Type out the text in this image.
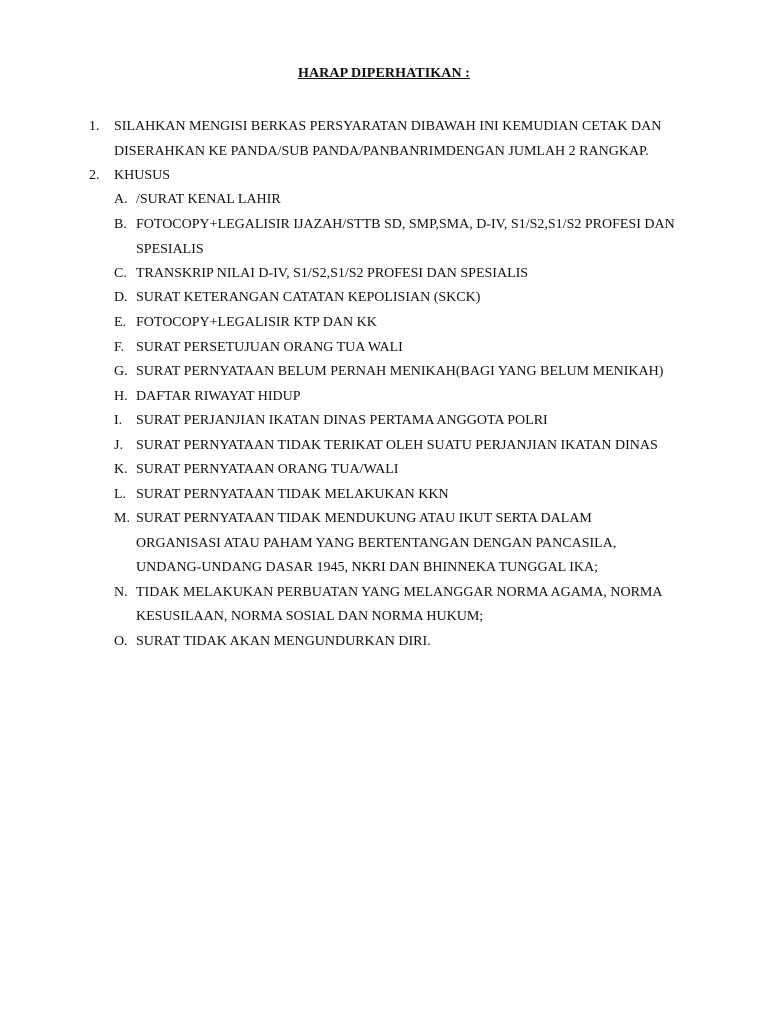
HARAP DIPERHATIKAN :
1. SILAHKAN MENGISI BERKAS PERSYARATAN DIBAWAH INI KEMUDIAN CETAK DAN
DISERAHKAN KE PANDA/SUB PANDA/PANBANRIMDENGAN JUMLAH 2 RANGKAP.
2. KHUSUS
A. /SURAT KENAL LAHIR
B. FOTOCOPY+LEGALISIR IJAZAH/STTB SD, SMP,SMA, D-IV, S1/S2,S1/S2 PROFESI DAN
SPESIALIS
C. TRANSKRIP NILAI D-IV, S1/S2,S1/S2 PROFESI DAN SPESIALIS
D. SURAT KETERANGAN CATATAN KEPOLISIAN (SKCK)
E. FOTOCOPY+LEGALISIR KTP DAN KK
F. SURAT PERSETUJUAN ORANG TUA WALI
G. SURAT PERNYATAAN BELUM PERNAH MENIKAH(BAGI YANG BELUM MENIKAH)
H. DAFTAR RIWAYAT HIDUP
I. SURAT PERJANJIAN IKATAN DINAS PERTAMA ANGGOTA POLRI
J. SURAT PERNYATAAN TIDAK TERIKAT OLEH SUATU PERJANJIAN IKATAN DINAS
K. SURAT PERNYATAAN ORANG TUA/WALI
L. SURAT PERNYATAAN TIDAK MELAKUKAN KKN
M. SURAT PERNYATAAN TIDAK MENDUKUNG ATAU IKUT SERTA DALAM
ORGANISASI ATAU PAHAM YANG BERTENTANGAN DENGAN PANCASILA,
UNDANG-UNDANG DASAR 1945, NKRI DAN BHINNEKA TUNGGAL IKA;
N. TIDAK MELAKUKAN PERBUATAN YANG MELANGGAR NORMA AGAMA, NORMA
KESUSILAAN, NORMA SOSIAL DAN NORMA HUKUM;
O. SURAT TIDAK AKAN MENGUNDURKAN DIRI.
